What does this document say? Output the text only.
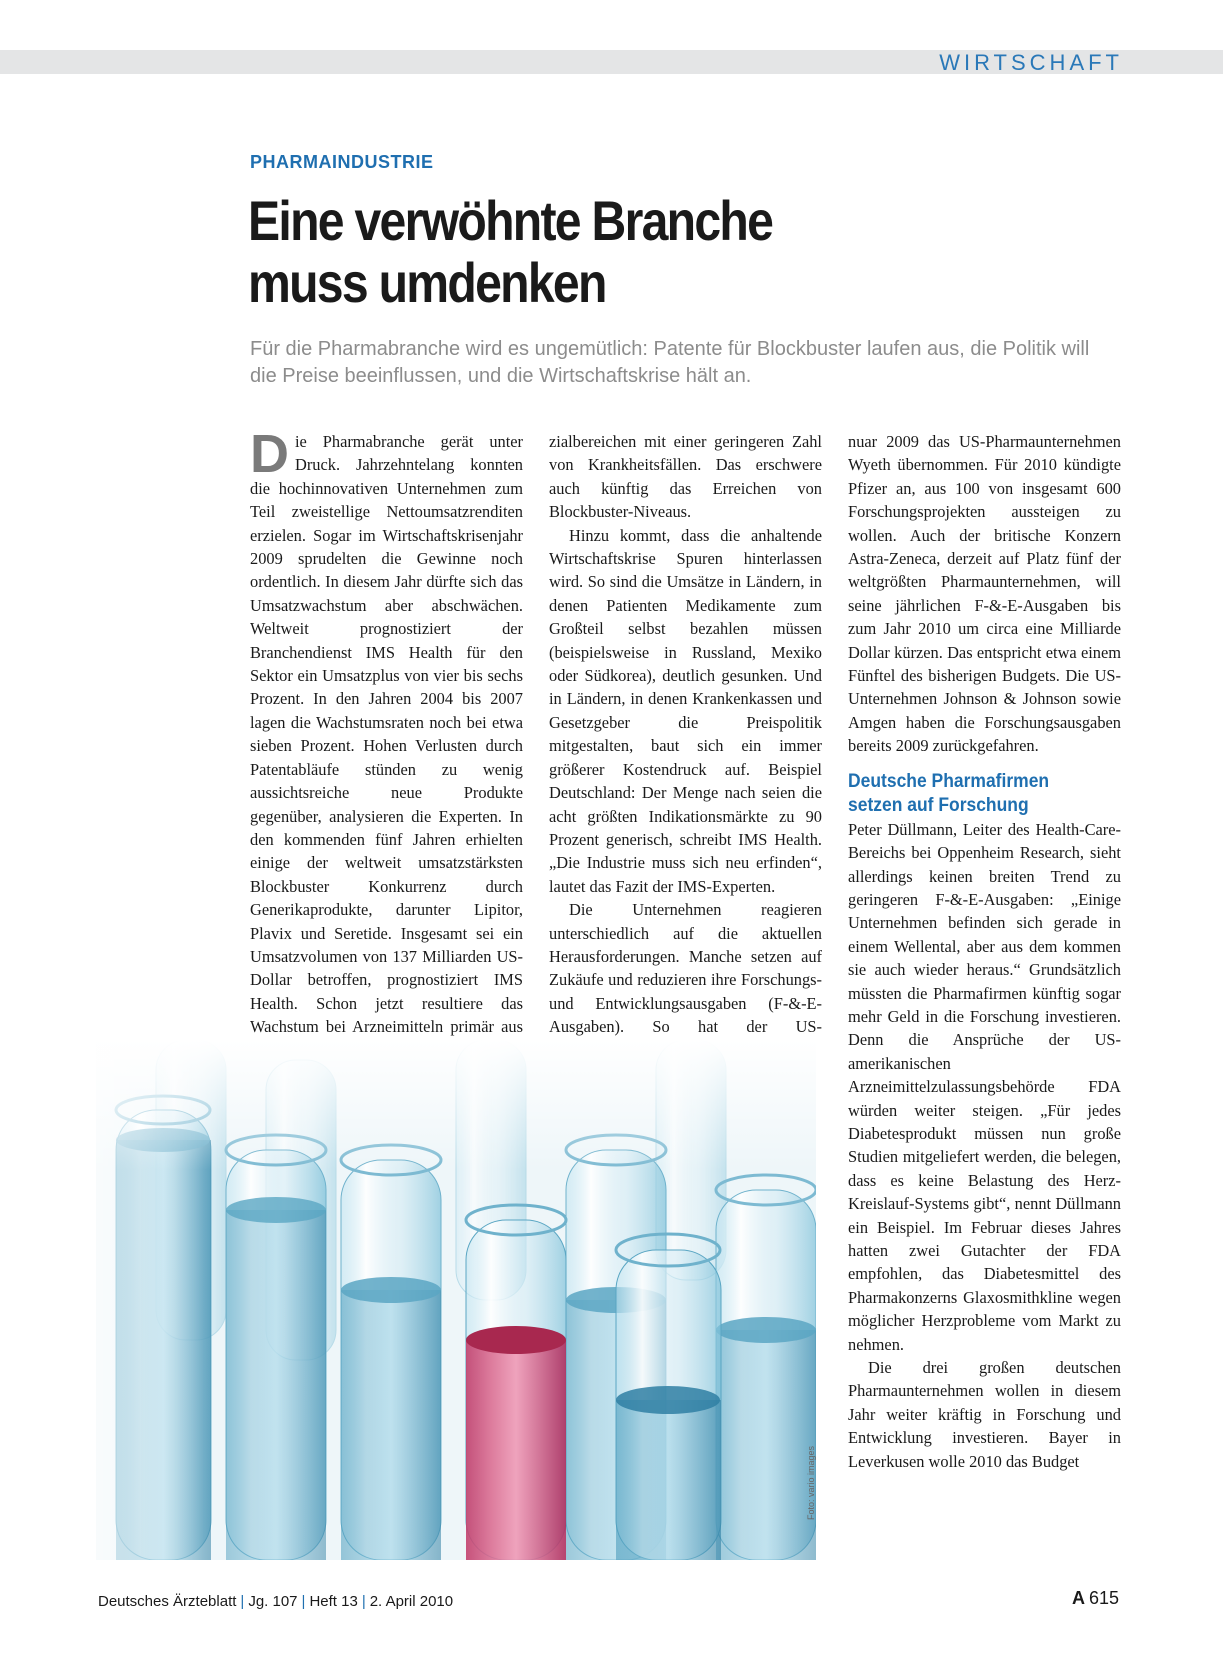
WIRTSCHAFT
PHARMAINDUSTRIE
Eine verwöhnte Branche
muss umdenken

Für die Pharmabranche wird es ungemütlich: Patente für Blockbuster laufen aus, die Politik will die Preise beeinflussen, und die Wirtschaftskrise hält an.

Die Pharmabranche gerät unter Druck. Jahrzehntelang konnten die hochinnovativen Unternehmen zum Teil zweistellige Nettoumsatzrenditen erzielen. Sogar im Wirtschaftskrisenjahr 2009 sprudelten die Gewinne noch ordentlich. In diesem Jahr dürfte sich das Umsatzwachstum aber abschwächen. Weltweit prognostiziert der Branchendienst IMS Health für den Sektor ein Umsatzplus von vier bis sechs Prozent. In den Jahren 2004 bis 2007 lagen die Wachstumsraten noch bei etwa sieben Prozent. Hohen Verlusten durch Patentabläufe stünden zu wenig aussichtsreiche neue Produkte gegenüber, analysieren die Experten. In den kommenden fünf Jahren erhielten einige der weltweit umsatzstärksten Blockbuster Konkurrenz durch Generikaprodukte, darunter Lipitor, Plavix und Seretide. Insgesamt sei ein Umsatzvolumen von 137 Milliarden US-Dollar betroffen, prognostiziert IMS Health. Schon jetzt resultiere das Wachstum bei Arzneimitteln primär aus

zialbereichen mit einer geringeren Zahl von Krankheitsfällen. Das erschwere auch künftig das Erreichen von Blockbuster-Niveaus.

Hinzu kommt, dass die anhaltende Wirtschaftskrise Spuren hinterlassen wird. So sind die Umsätze in Ländern, in denen Patienten Medikamente zum Großteil selbst bezahlen müssen (beispielsweise in Russland, Mexiko oder Südkorea), deutlich gesunken. Und in Ländern, in denen Krankenkassen und Gesetzgeber die Preispolitik mitgestalten, baut sich ein immer größerer Kostendruck auf. Beispiel Deutschland: Der Menge nach seien die acht größten Indikationsmärkte zu 90 Prozent generisch, schreibt IMS Health. „Die Industrie muss sich neu erfinden“, lautet das Fazit der IMS-Experten.

Die Unternehmen reagieren unterschiedlich auf die aktuellen Herausforderungen. Manche setzen auf Zukäufe und reduzieren ihre Forschungs- und Entwicklungsausgaben (F-&-E-Ausgaben). So hat der US-

nuar 2009 das US-Pharmaunternehmen Wyeth übernommen. Für 2010 kündigte Pfizer an, aus 100 von insgesamt 600 Forschungsprojekten aussteigen zu wollen. Auch der britische Konzern Astra-Zeneca, derzeit auf Platz fünf der weltgrößten Pharmaunternehmen, will seine jährlichen F-&-E-Ausgaben bis zum Jahr 2010 um circa eine Milliarde Dollar kürzen. Das entspricht etwa einem Fünftel des bisherigen Budgets. Die US-Unternehmen Johnson & Johnson sowie Amgen haben die Forschungsausgaben bereits 2009 zurückgefahren.

Deutsche Pharmafirmen setzen auf Forschung

Peter Düllmann, Leiter des Health-Care-Bereichs bei Oppenheim Research, sieht allerdings keinen breiten Trend zu geringeren F-&-E-Ausgaben: „Einige Unternehmen befinden sich gerade in einem Wellental, aber aus dem kommen sie auch wieder heraus.“ Grundsätzlich müssten die Pharmafirmen künftig sogar mehr Geld in die Forschung investieren. Denn die Ansprüche der US-amerikanischen Arzneimittelzulassungsbehörde FDA würden weiter steigen. „Für jedes Diabetesprodukt müssen nun große Studien mitgeliefert werden, die belegen, dass es keine Belastung des Herz-Kreislauf-Systems gibt“, nennt Düllmann ein Beispiel. Im Februar dieses Jahres hatten zwei Gutachter der FDA empfohlen, das Diabetesmittel des Pharmakonzerns Glaxosmithkline wegen möglicher Herzprobleme vom Markt zu nehmen.

Die drei großen deutschen Pharmaunternehmen wollen in diesem Jahr weiter kräftig in Forschung und Entwicklung investieren. Bayer in Leverkusen wolle 2010 das Budget

Foto: vario images
Deutsches Ärzteblatt | Jg. 107 | Heft 13 | 2. April 2010	A 615
